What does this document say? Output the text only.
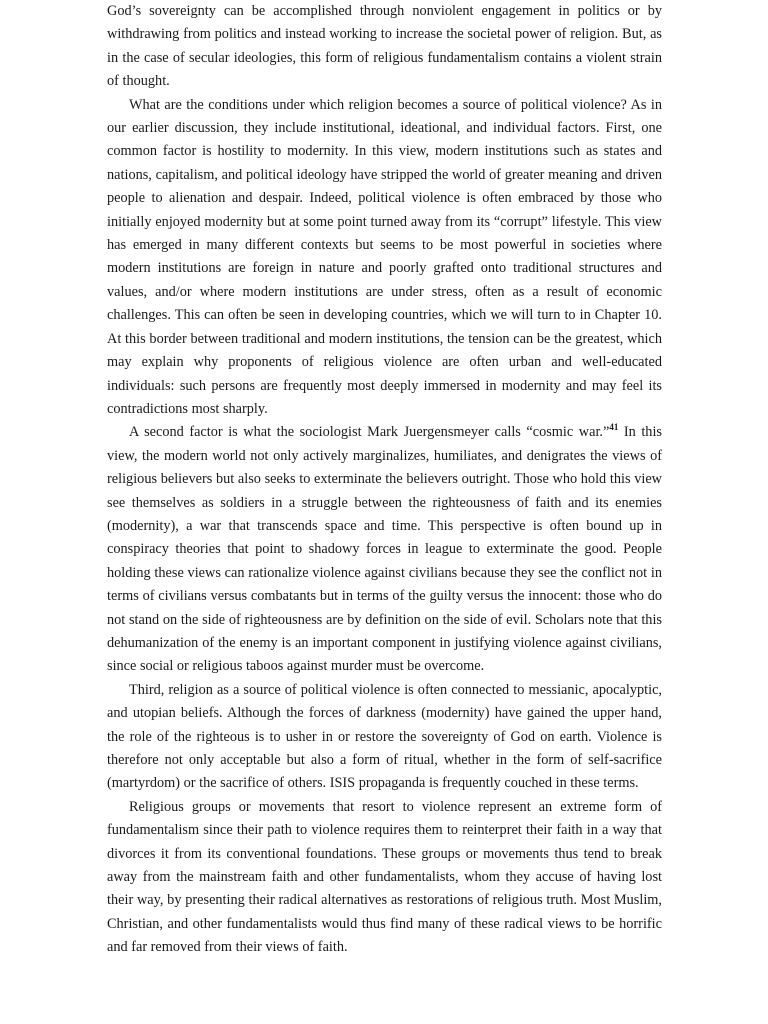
God’s sovereignty can be accomplished through nonviolent engagement in politics or by withdrawing from politics and instead working to increase the societal power of religion. But, as in the case of secular ideologies, this form of religious fundamentalism contains a violent strain of thought.

What are the conditions under which religion becomes a source of political violence? As in our earlier discussion, they include institutional, ideational, and individual factors. First, one common factor is hostility to modernity. In this view, modern institutions such as states and nations, capitalism, and political ideology have stripped the world of greater meaning and driven people to alienation and despair. Indeed, political violence is often embraced by those who initially enjoyed modernity but at some point turned away from its “corrupt” lifestyle. This view has emerged in many different contexts but seems to be most powerful in societies where modern institutions are foreign in nature and poorly grafted onto traditional structures and values, and/or where modern institutions are under stress, often as a result of economic challenges. This can often be seen in developing countries, which we will turn to in Chapter 10. At this border between traditional and modern institutions, the tension can be the greatest, which may explain why proponents of religious violence are often urban and well-educated individuals: such persons are frequently most deeply immersed in modernity and may feel its contradictions most sharply.

A second factor is what the sociologist Mark Juergensmeyer calls “cosmic war.”$^{41}$ In this view, the modern world not only actively marginalizes, humiliates, and denigrates the views of religious believers but also seeks to exterminate the believers outright. Those who hold this view see themselves as soldiers in a struggle between the righteousness of faith and its enemies (modernity), a war that transcends space and time. This perspective is often bound up in conspiracy theories that point to shadowy forces in league to exterminate the good. People holding these views can rationalize violence against civilians because they see the conflict not in terms of civilians versus combatants but in terms of the guilty versus the innocent: those who do not stand on the side of righteousness are by definition on the side of evil. Scholars note that this dehumanization of the enemy is an important component in justifying violence against civilians, since social or religious taboos against murder must be overcome.

Third, religion as a source of political violence is often connected to messianic, apocalyptic, and utopian beliefs. Although the forces of darkness (modernity) have gained the upper hand, the role of the righteous is to usher in or restore the sovereignty of God on earth. Violence is therefore not only acceptable but also a form of ritual, whether in the form of self-sacrifice (martyrdom) or the sacrifice of others. ISIS propaganda is frequently couched in these terms.

Religious groups or movements that resort to violence represent an extreme form of fundamentalism since their path to violence requires them to reinterpret their faith in a way that divorces it from its conventional foundations. These groups or movements thus tend to break away from the mainstream faith and other fundamentalists, whom they accuse of having lost their way, by presenting their radical alternatives as restorations of religious truth. Most Muslim, Christian, and other fundamentalists would thus find many of these radical views to be horrific and far removed from their views of faith.
